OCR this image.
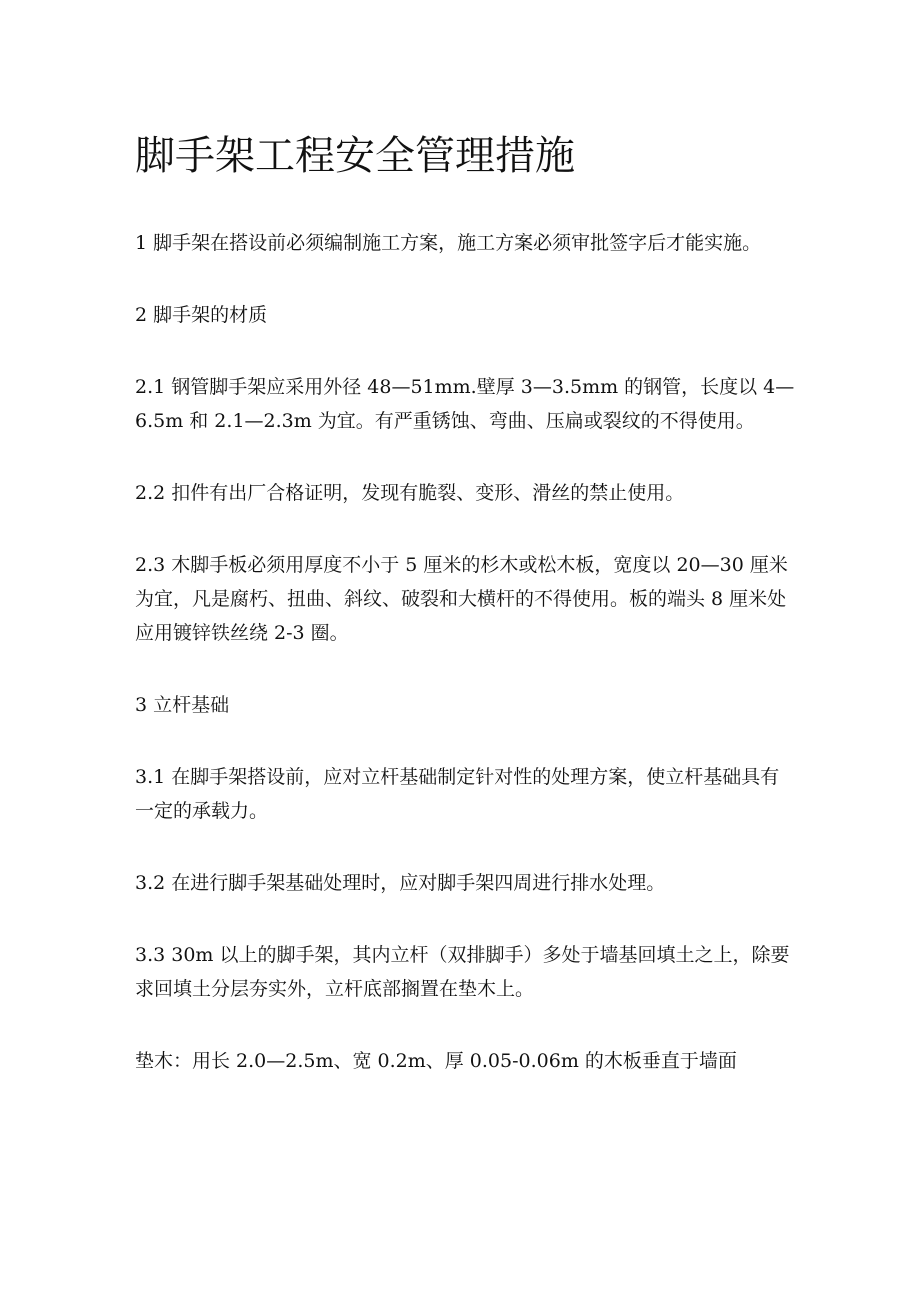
脚手架工程安全管理措施

1 脚手架在搭设前必须编制施工方案，施工方案必须审批签字后才能实施。

2 脚手架的材质

2.1 钢管脚手架应采用外径 48—51mm.壁厚 3—3.5mm 的钢管，长度以 4—6.5m 和 2.1—2.3m 为宜。有严重锈蚀、弯曲、压扁或裂纹的不得使用。

2.2 扣件有出厂合格证明，发现有脆裂、变形、滑丝的禁止使用。

2.3 木脚手板必须用厚度不小于 5 厘米的杉木或松木板，宽度以 20—30 厘米为宜，凡是腐朽、扭曲、斜纹、破裂和大横杆的不得使用。板的端头 8 厘米处应用镀锌铁丝绕 2-3 圈。

3 立杆基础

3.1 在脚手架搭设前，应对立杆基础制定针对性的处理方案，使立杆基础具有一定的承载力。

3.2 在进行脚手架基础处理时，应对脚手架四周进行排水处理。

3.3 30m 以上的脚手架，其内立杆（双排脚手）多处于墙基回填土之上，除要求回填土分层夯实外，立杆底部搁置在垫木上。

垫木：用长 2.0—2.5m、宽 0.2m、厚 0.05-0.06m 的木板垂直于墙面
